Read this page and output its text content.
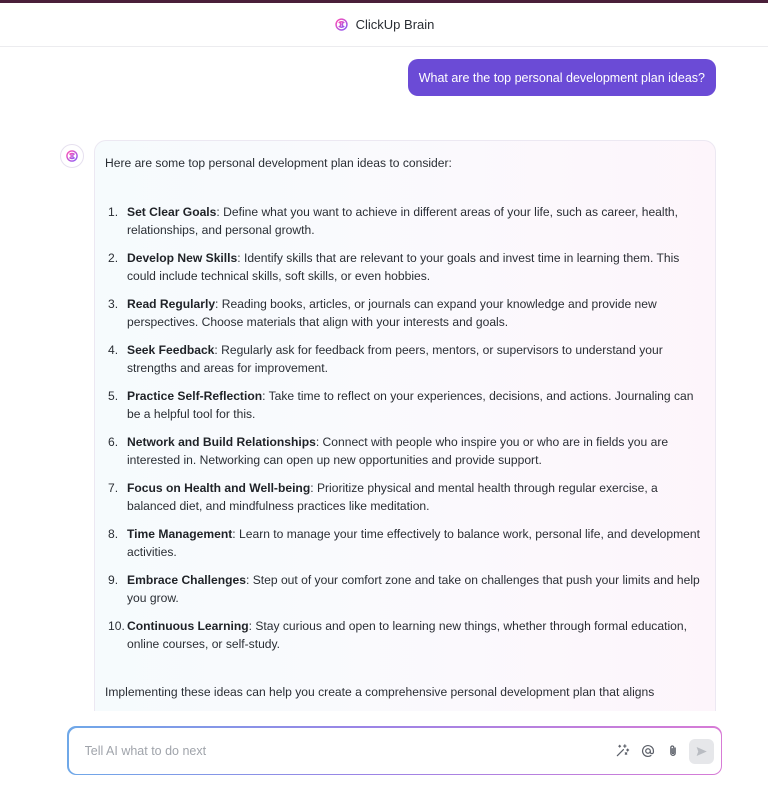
ClickUp Brain
What are the top personal development plan ideas?

Here are some top personal development plan ideas to consider:

1. Set Clear Goals: Define what you want to achieve in different areas of your life, such as career, health, relationships, and personal growth.
2. Develop New Skills: Identify skills that are relevant to your goals and invest time in learning them. This could include technical skills, soft skills, or even hobbies.
3. Read Regularly: Reading books, articles, or journals can expand your knowledge and provide new perspectives. Choose materials that align with your interests and goals.
4. Seek Feedback: Regularly ask for feedback from peers, mentors, or supervisors to understand your strengths and areas for improvement.
5. Practice Self-Reflection: Take time to reflect on your experiences, decisions, and actions. Journaling can be a helpful tool for this.
6. Network and Build Relationships: Connect with people who inspire you or who are in fields you are interested in. Networking can open up new opportunities and provide support.
7. Focus on Health and Well-being: Prioritize physical and mental health through regular exercise, a balanced diet, and mindfulness practices like meditation.
8. Time Management: Learn to manage your time effectively to balance work, personal life, and development activities.
9. Embrace Challenges: Step out of your comfort zone and take on challenges that push your limits and help you grow.
10. Continuous Learning: Stay curious and open to learning new things, whether through formal education, online courses, or self-study.

Implementing these ideas can help you create a comprehensive personal development plan that aligns

Tell AI what to do next
